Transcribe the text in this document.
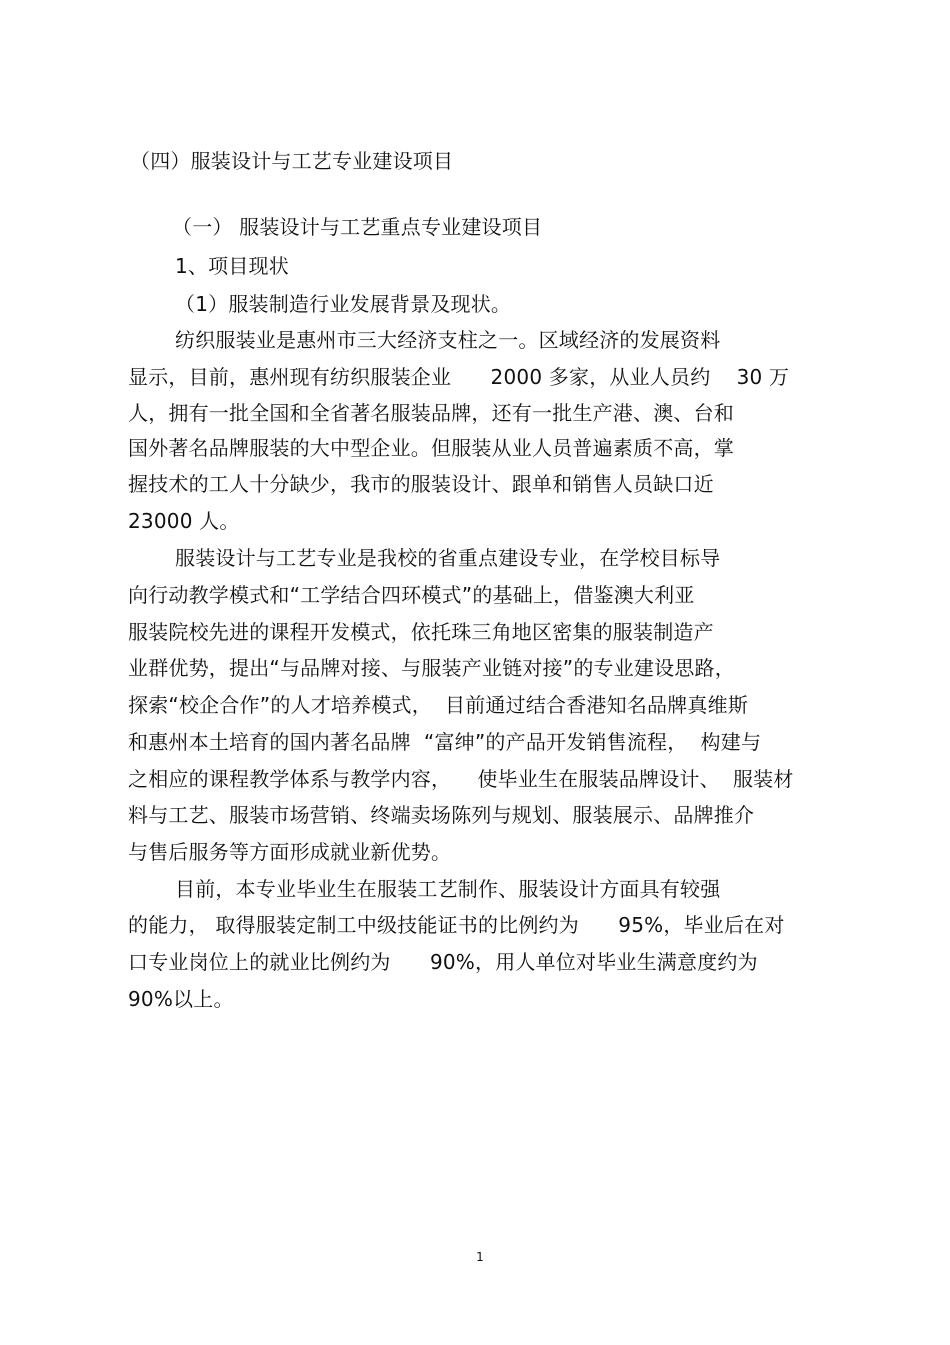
（四）服装设计与工艺专业建设项目
（一） 服装设计与工艺重点专业建设项目
1、项目现状
（1）服装制造行业发展背景及现状。
纺织服装业是惠州市三大经济支柱之一。区域经济的发展资料
显示，目前，惠州现有纺织服装企业      2000 多家，从业人员约    30 万
人，拥有一批全国和全省著名服装品牌，还有一批生产港、澳、台和
国外著名品牌服装的大中型企业。但服装从业人员普遍素质不高，掌
握技术的工人十分缺少，我市的服装设计、跟单和销售人员缺口近
23000 人。
服装设计与工艺专业是我校的省重点建设专业，在学校目标导
向行动教学模式和“工学结合四环模式”的基础上，借鉴澳大利亚
服装院校先进的课程开发模式，依托珠三角地区密集的服装制造产
业群优势，提出“与品牌对接、与服装产业链对接”的专业建设思路，
探索“校企合作”的人才培养模式，  目前通过结合香港知名品牌真维斯
和惠州本土培育的国内著名品牌  “富绅”的产品开发销售流程，  构建与
之相应的课程教学体系与教学内容，    使毕业生在服装品牌设计、  服装材
料与工艺、服装市场营销、终端卖场陈列与规划、服装展示、品牌推介
与售后服务等方面形成就业新优势。
目前，本专业毕业生在服装工艺制作、服装设计方面具有较强
的能力， 取得服装定制工中级技能证书的比例约为      95%，毕业后在对
口专业岗位上的就业比例约为      90%，用人单位对毕业生满意度约为
90%以上。
1
